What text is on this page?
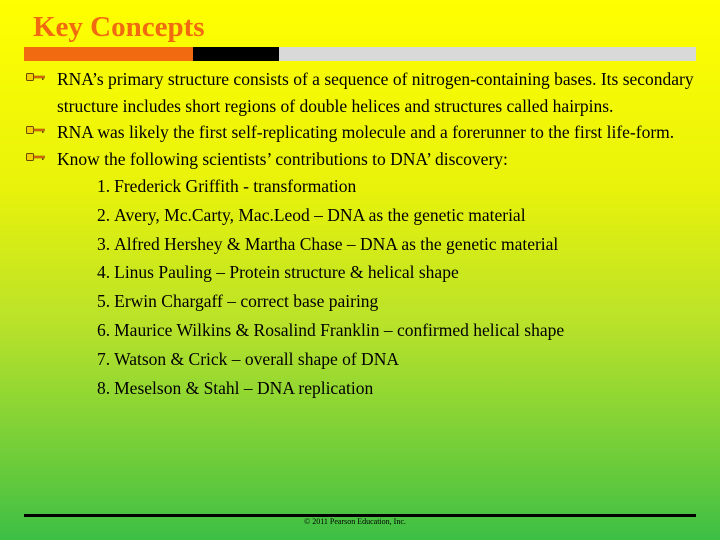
Key Concepts
RNA’s primary structure consists of a sequence of nitrogen-containing bases. Its secondary structure includes short regions of double helices and structures called hairpins.
RNA was likely the first self-replicating molecule and a forerunner to the first life-form.
Know the following scientists’ contributions to DNA’ discovery:
1. Frederick Griffith - transformation
2. Avery, Mc.Carty, Mac.Leod – DNA as the genetic material
3. Alfred Hershey & Martha Chase – DNA as the genetic material
4. Linus Pauling – Protein structure & helical shape
5. Erwin Chargaff – correct base pairing
6. Maurice Wilkins & Rosalind Franklin – confirmed helical shape
7. Watson & Crick – overall shape of DNA
8. Meselson & Stahl – DNA replication
© 2011 Pearson Education, Inc.
